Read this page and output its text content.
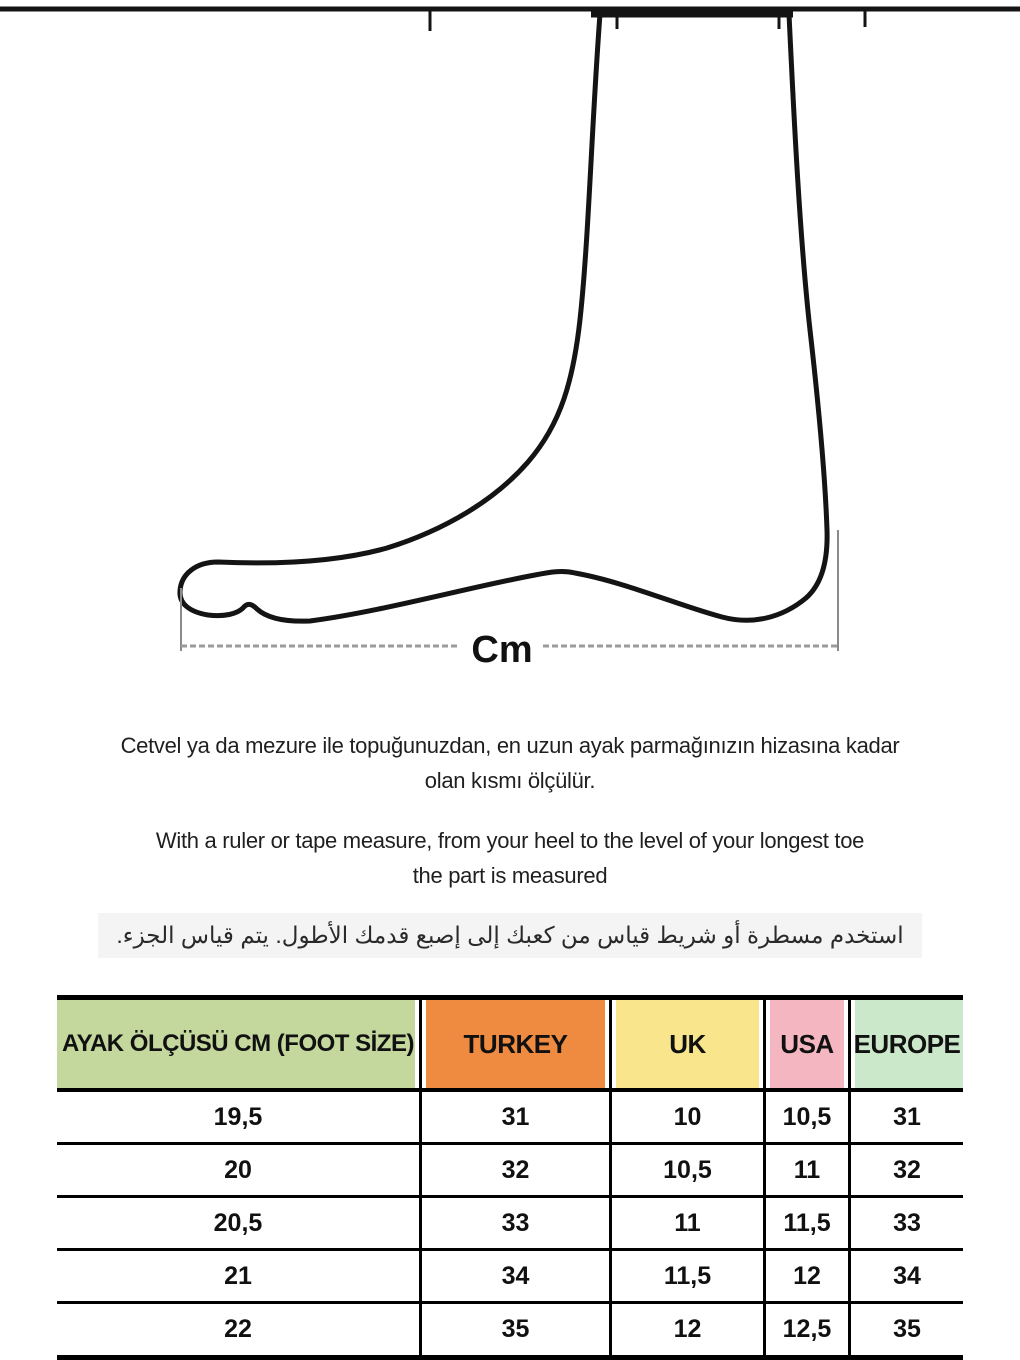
Cm
Cetvel ya da mezure ile topuğunuzdan, en uzun ayak parmağınızın hizasına kadar
olan kısmı ölçülür.
With a ruler or tape measure, from your heel to the level of your longest toe
the part is measured
استخدم مسطرة أو شريط قياس من كعبك إلى إصبع قدمك الأطول. يتم قياس الجزء.
AYAK ÖLÇÜSÜ CM (FOOT SİZE)	TURKEY	UK	USA EUROPE
19,5	31	10	10,5	31
20	32	10,5	11	32
20,5	33	11	11,5	33
21	34	11,5	12	34
22	35	12	12,5	35
